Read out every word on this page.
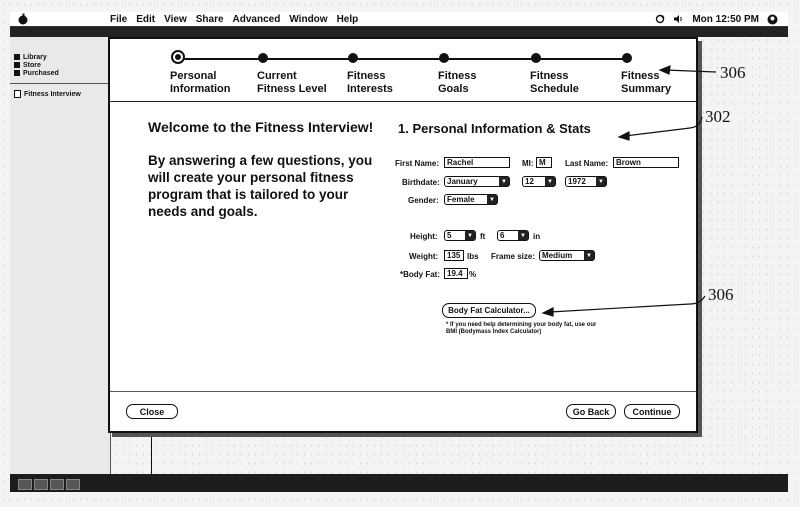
File Edit View Share Advanced Window Help	Mon 12:50 PM
Library
Store
Purchased
Fitness Interview
Personal
Information
Current
Fitness Level
Fitness
Interests
Fitness
Goals
Fitness
Schedule
Fitness
Summary
Welcome to the Fitness Interview!
By answering a few questions, you will create your personal fitness program that is tailored to your needs and goals.
1. Personal Information & Stats
First Name: Rachel	MI: M	Last Name: Brown
Birthdate: January	▼ 12	▼ 1972	▼
Gender: Female	▼
Height: 5	▼ ft 6	▼ in
Weight:	135 lbs Frame size: Medium	▼
*Body Fat: 19.4 %
Body Fat Calculator...
* If you need help determining your body fat, use our BMI (Bodymass Index Calculator)
Close	Go Back	Continue
306
302
306
